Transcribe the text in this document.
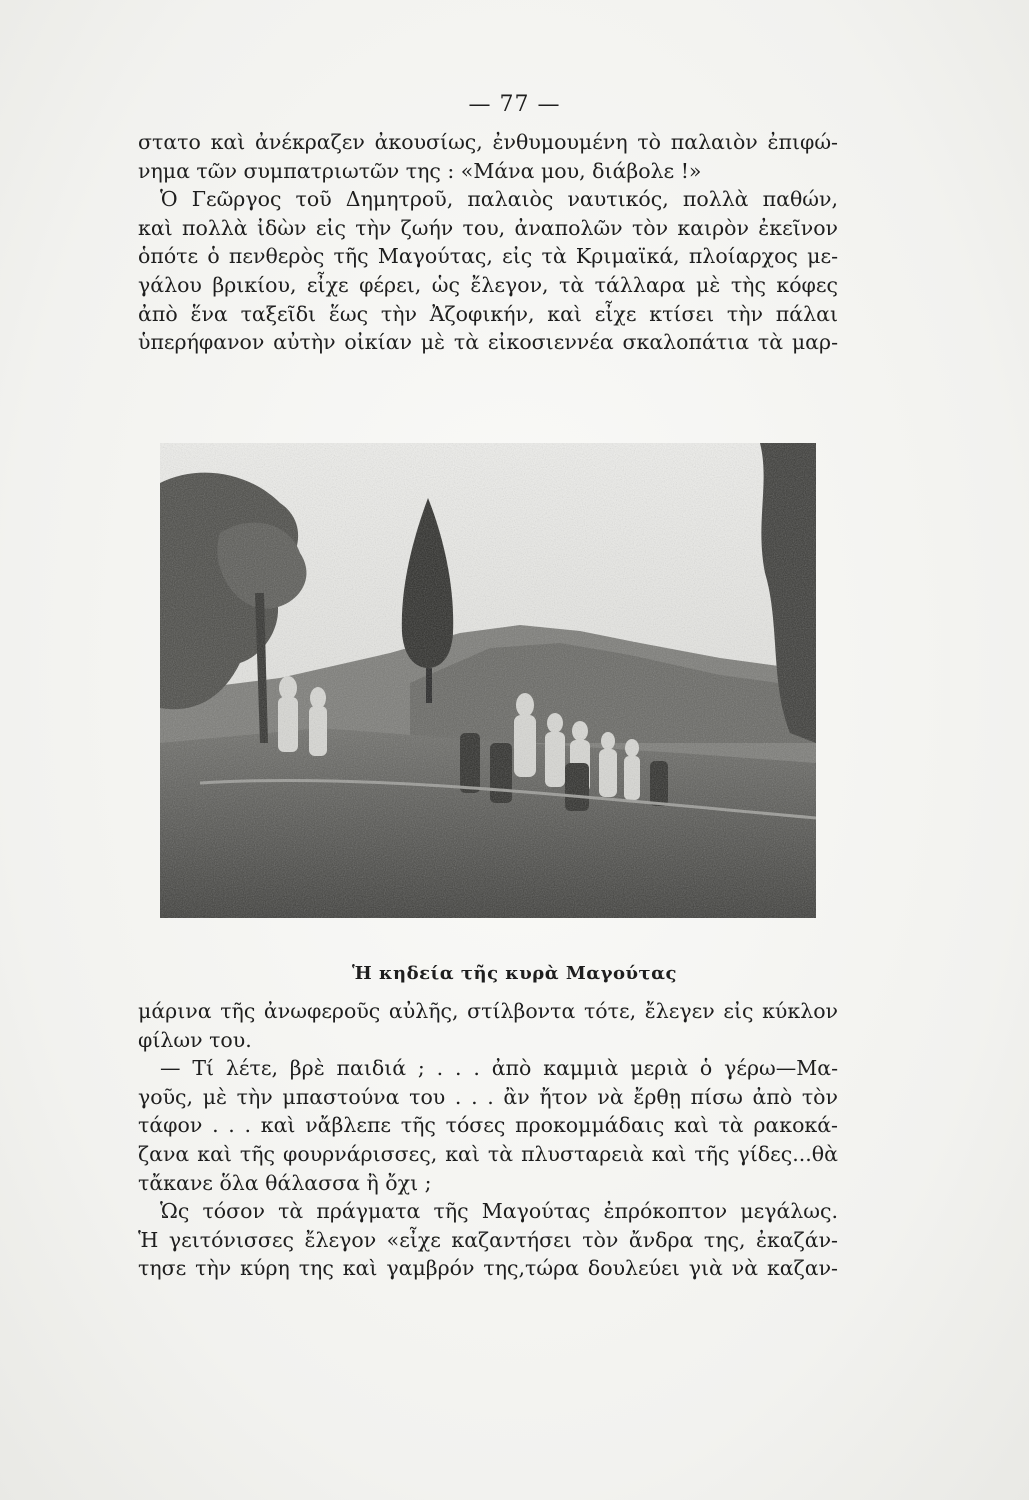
— 77 —
στατο καὶ ἀνέκραζεν ἀκουσίως, ἐνθυμουμένη τὸ παλαιὸν ἐπιφώ-
νημα τῶν συμπατριωτῶν της : «Μάνα μου, διάβολε !»
Ὁ Γεῶργος τοῦ Δημητροῦ, παλαιὸς ναυτικός, πολλὰ παθών,
καὶ πολλὰ ἰδὼν εἰς τὴν ζωήν του, ἀναπολῶν τὸν καιρὸν ἐκεῖνον
ὁπότε ὁ πενθερὸς τῆς Μαγούτας, εἰς τὰ Κριμαϊκά, πλοίαρχος με-
γάλου βρικίου, εἶχε φέρει, ὡς ἔλεγον, τὰ τάλλαρα μὲ τὴς κόφες
ἀπὸ ἕνα ταξεῖδι ἕως τὴν Ἀζοφικήν, καὶ εἶχε κτίσει τὴν πάλαι
ὑπερήφανον αὐτὴν οἰκίαν μὲ τὰ εἰκοσιεννέα σκαλοπάτια τὰ μαρ-
Ἡ κηδεία τῆς κυρὰ Μαγούτας
μάρινα τῆς ἀνωφεροῦς αὐλῆς, στίλβοντα τότε, ἔλεγεν εἰς κύκλον
φίλων του.
— Τί λέτε, βρὲ παιδιά ; . . . ἀπὸ καμμιὰ μεριὰ ὁ γέρω—Μα-
γοῦς, μὲ τὴν μπαστούνα του . . . ἂν ἤτον νὰ ἔρθῃ πίσω ἀπὸ τὸν
τάφον . . . καὶ νἄβλεπε τῆς τόσες προκομμάδαις καὶ τὰ ρακοκά-
ζανα καὶ τῆς φουρνάρισσες, καὶ τὰ πλυσταρειὰ καὶ τῆς γίδες...θὰ
τἄκανε ὅλα θάλασσα ἢ ὄχι ;
Ὡς τόσον τὰ πράγματα τῆς Μαγούτας ἐπρόκοπτον μεγάλως.
Ἡ γειτόνισσες ἔλεγον «εἶχε καζαντήσει τὸν ἄνδρα της, ἐκαζάν-
τησε τὴν κύρη της καὶ γαμβρόν της,τώρα δουλεύει γιὰ νὰ καζαν-
